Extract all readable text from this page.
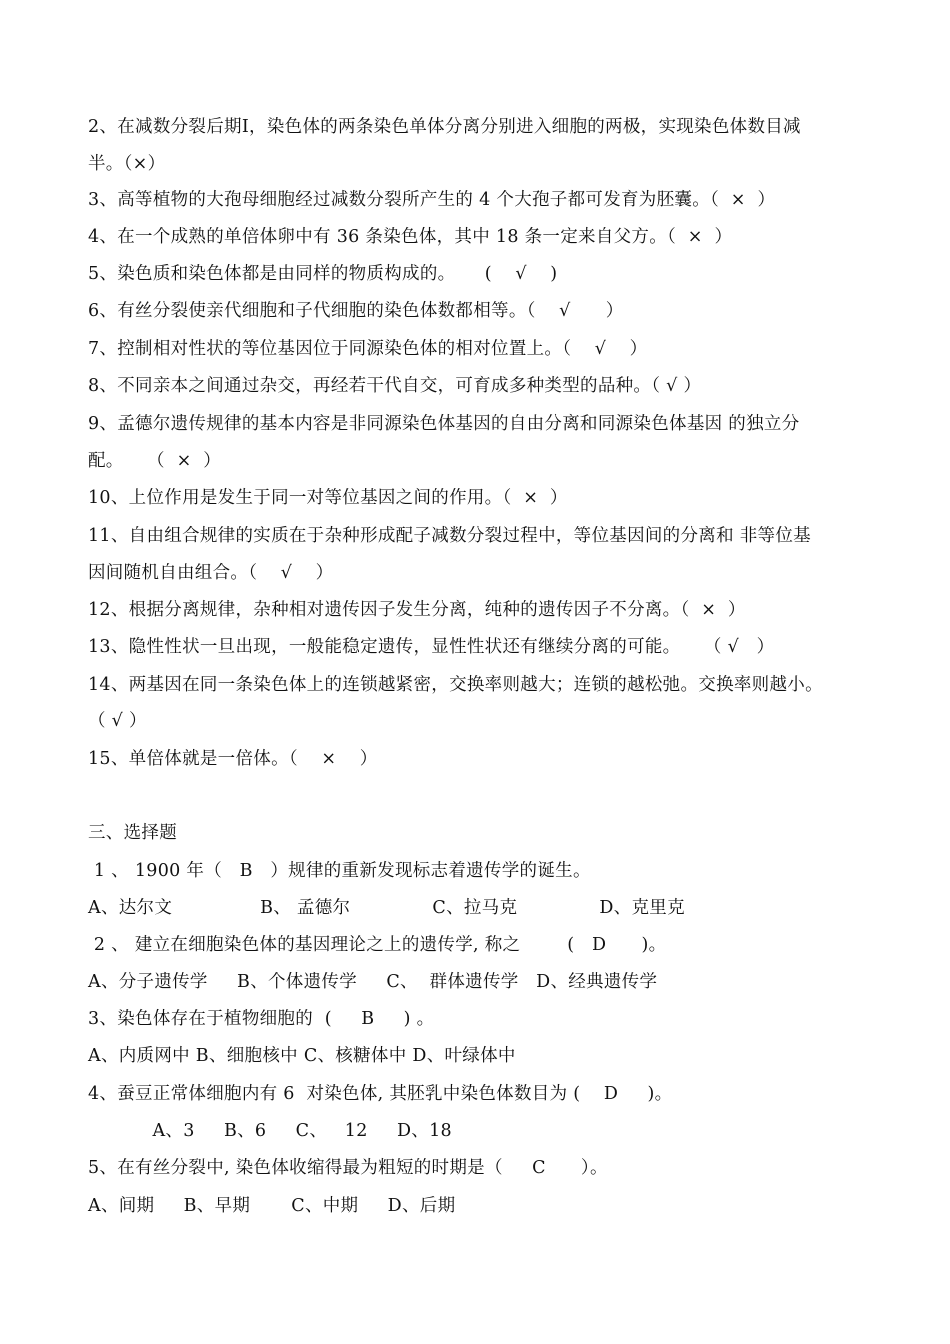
2、在减数分裂后期Ⅰ，染色体的两条染色单体分离分别进入细胞的两极，实现染色体数目减
半。（×）
3、高等植物的大孢母细胞经过减数分裂所产生的 4 个大孢子都可发育为胚囊。（  ×  ）
4、在一个成熟的单倍体卵中有 36 条染色体，其中 18 条一定来自父方。（  ×  ）
5、染色质和染色体都是由同样的物质构成的。     (    √    )
6、有丝分裂使亲代细胞和子代细胞的染色体数都相等。（    √      ）
7、控制相对性状的等位基因位于同源染色体的相对位置上。（    √    ）
8、不同亲本之间通过杂交，再经若干代自交，可育成多种类型的品种。（ √ ）
9、孟德尔遗传规律的基本内容是非同源染色体基因的自由分离和同源染色体基因 的独立分
配。    （  ×  ）
10、上位作用是发生于同一对等位基因之间的作用。（  ×  ）
11、自由组合规律的实质在于杂种形成配子减数分裂过程中，等位基因间的分离和 非等位基
因间随机自由组合。（    √    ）
12、根据分离规律，杂种相对遗传因子发生分离，纯种的遗传因子不分离。（  ×  ）
13、隐性性状一旦出现，一般能稳定遗传，显性性状还有继续分离的可能。    （ √   ）
14、两基因在同一条染色体上的连锁越紧密，交换率则越大；连锁的越松弛。交换率则越小。
（ √ ）
15、单倍体就是一倍体。（    ×    ）
三、选择题
1 、 1900 年（   B   ）规律的重新发现标志着遗传学的诞生。
A、达尔文               B、 孟德尔              C、拉马克              D、克里克
2 、 建立在细胞染色体的基因理论之上的遗传学, 称之        (   D      )。
A、分子遗传学     B、个体遗传学     C、  群体遗传学   D、经典遗传学
3、染色体存在于植物细胞的  (     B     ) 。
A、内质网中 B、细胞核中 C、核糖体中 D、叶绿体中
4、蚕豆正常体细胞内有 6  对染色体, 其胚乳中染色体数目为 (    D     )。
A、3     B、6     C、   12     D、18
5、在有丝分裂中, 染色体收缩得最为粗短的时期是（     C      ）。
A、间期     B、早期       C、中期     D、后期
